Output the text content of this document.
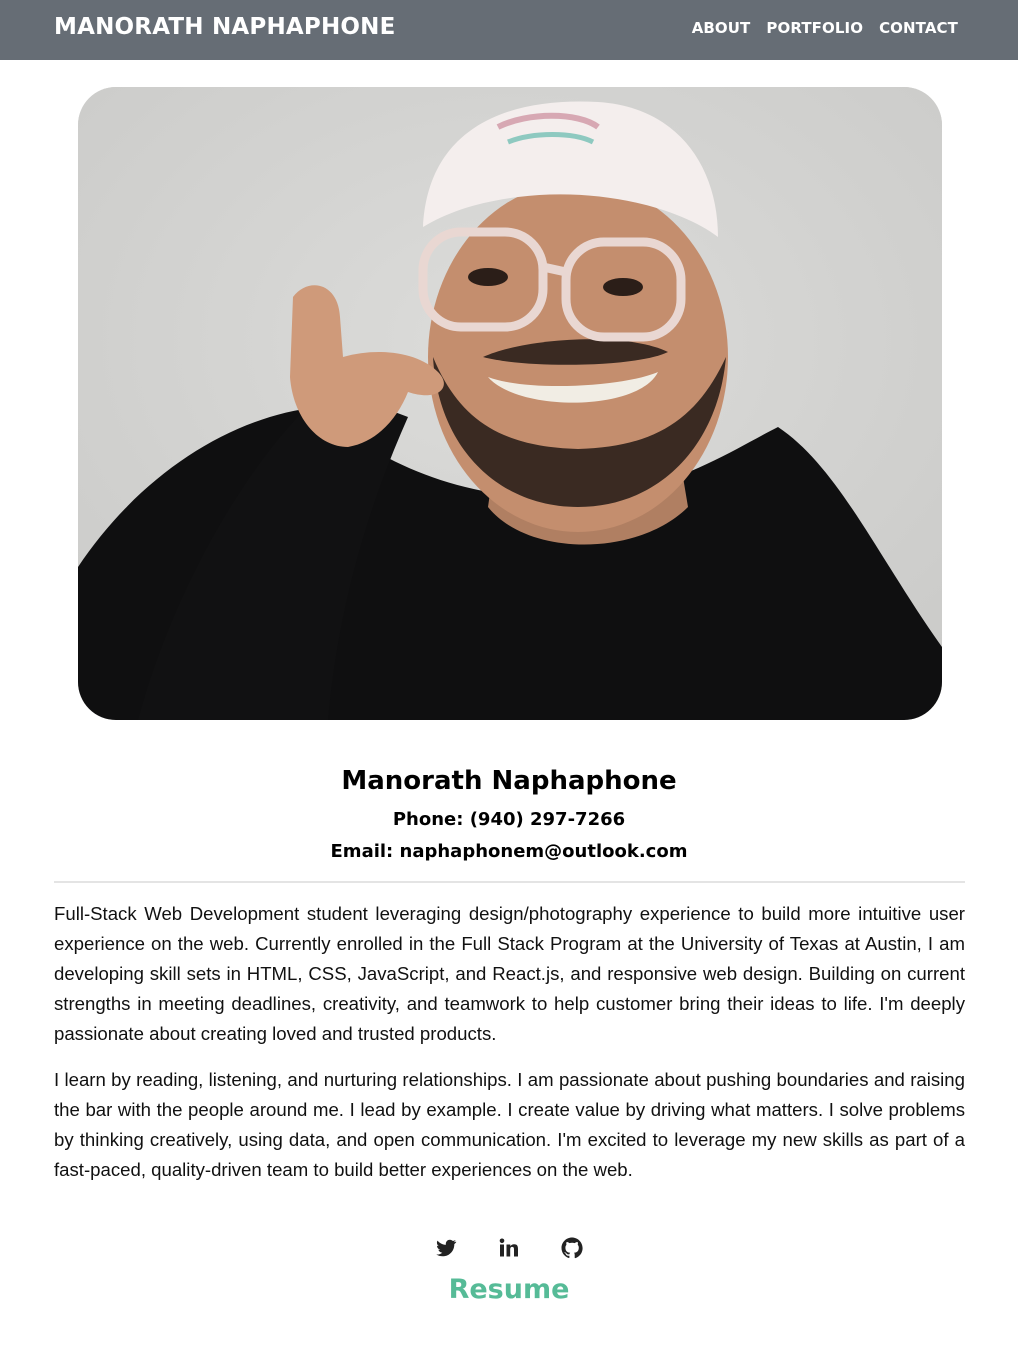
MANORATH NAPHAPHONE	ABOUT PORTFOLIO CONTACT
Manorath Naphaphone

Phone: (940) 297-7266

Email: naphaphonem@outlook.com

Full-Stack Web Development student leveraging design/photography experience to build more intuitive user experience on the web. Currently enrolled in the Full Stack Program at the University of Texas at Austin, I am developing skill sets in HTML, CSS, JavaScript, and React.js, and responsive web design. Building on current strengths in meeting deadlines, creativity, and teamwork to help customer bring their ideas to life. I'm deeply passionate about creating loved and trusted products.

I learn by reading, listening, and nurturing relationships. I am passionate about pushing boundaries and raising the bar with the people around me. I lead by example. I create value by driving what matters. I solve problems by thinking creatively, using data, and open communication. I'm excited to leverage my new skills as part of a fast-paced, quality-driven team to build better experiences on the web.

Resume
